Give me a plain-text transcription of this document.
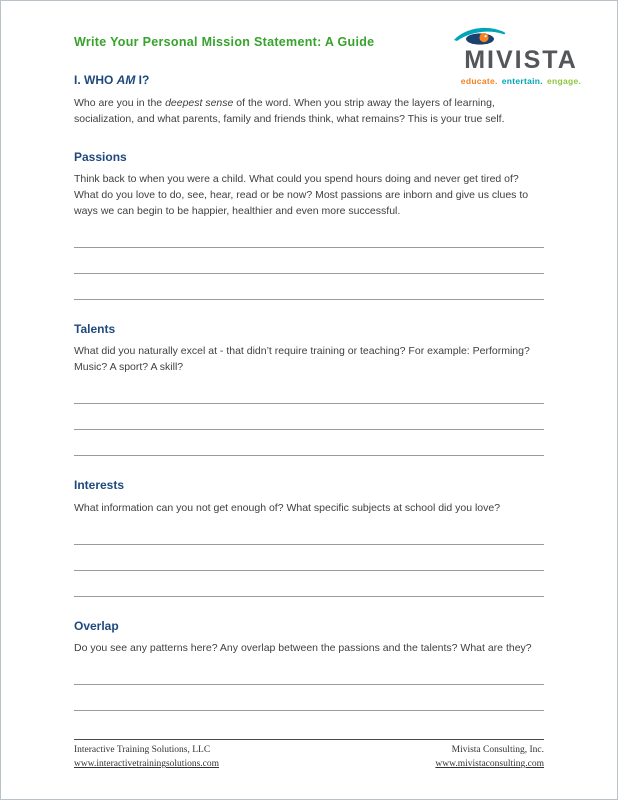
Write Your Personal Mission Statement: A Guide
MIVISTA
educate. entertain. engage.
I. WHO AM I?

Who are you in the deepest sense of the word. When you strip away the layers of learning, socialization, and what parents, family and friends think, what remains? This is your true self.

Passions

Think back to when you were a child. What could you spend hours doing and never get tired of? What do you love to do, see, hear, read or be now? Most passions are inborn and give us clues to ways we can begin to be happier, healthier and even more successful.

Talents

What did you naturally excel at - that didn’t require training or teaching? For example: Performing? Music? A sport? A skill?

Interests

What information can you not get enough of? What specific subjects at school did you love?

Overlap

Do you see any patterns here? Any overlap between the passions and the talents? What are they?

Interactive Training Solutions, LLC
www.interactivetrainingsolutions.com
Mivista Consulting, Inc.
www.mivistaconsulting.com
